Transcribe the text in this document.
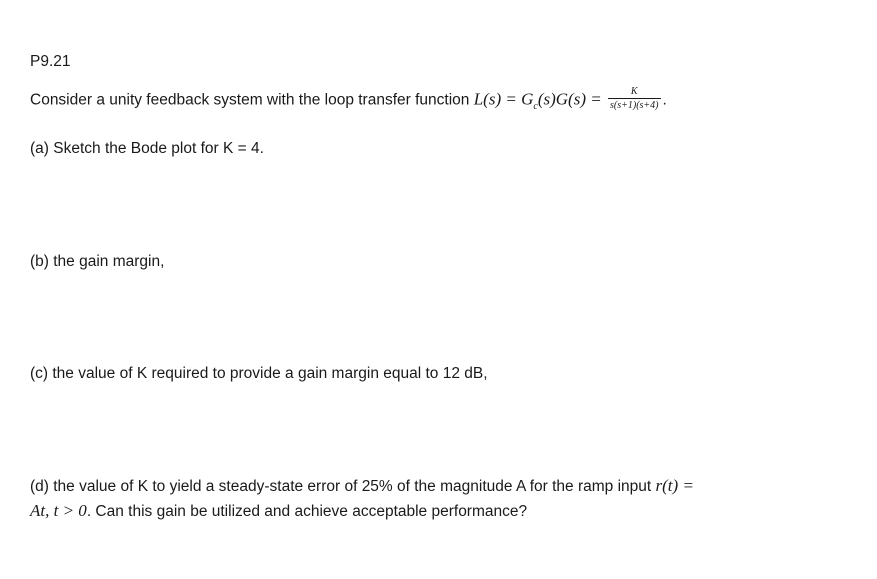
P9.21
Consider a unity feedback system with the loop transfer function $L(s) = G_c(s)G(s) = \frac{K}{s(s+1)(s+4)}$ .
(a) Sketch the Bode plot for K = 4.
(b) the gain margin,
(c) the value of K required to provide a gain margin equal to 12 dB,
(d) the value of K to yield a steady-state error of 25% of the magnitude A for the ramp input r(t) =
At, t > 0. Can this gain be utilized and achieve acceptable performance?
